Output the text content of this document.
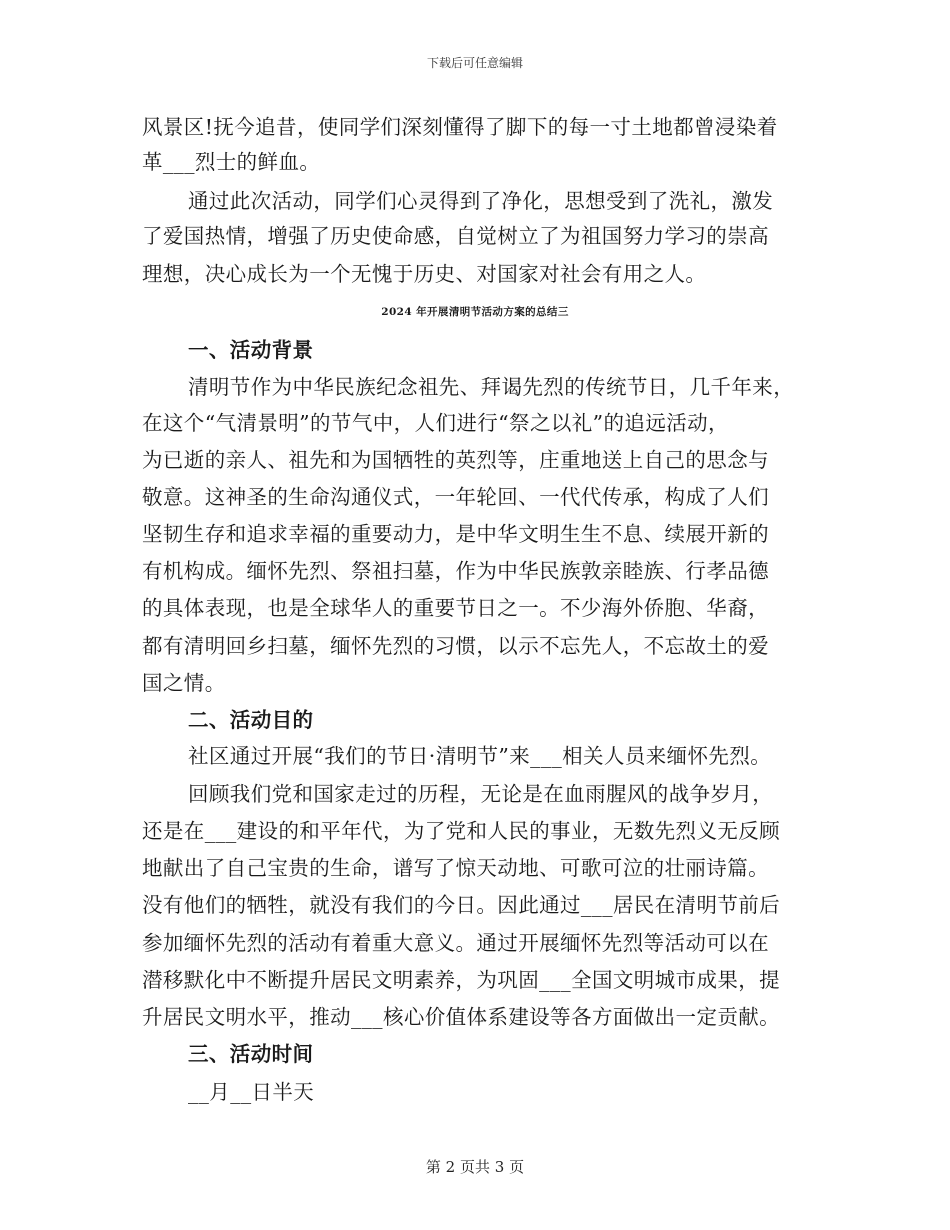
下载后可任意编辑
风景区!抚今追昔，使同学们深刻懂得了脚下的每一寸土地都曾浸染着
革___烈士的鲜血。
通过此次活动，同学们心灵得到了净化，思想受到了洗礼，激发
了爱国热情，增强了历史使命感，自觉树立了为祖国努力学习的崇高
理想，决心成长为一个无愧于历史、对国家对社会有用之人。
2024 年开展清明节活动方案的总结三
一、活动背景
清明节作为中华民族纪念祖先、拜谒先烈的传统节日，几千年来，
在这个“气清景明”的节气中，人们进行“祭之以礼”的追远活动，
为已逝的亲人、祖先和为国牺牲的英烈等，庄重地送上自己的思念与
敬意。这神圣的生命沟通仪式，一年轮回、一代代传承，构成了人们
坚韧生存和追求幸福的重要动力，是中华文明生生不息、续展开新的
有机构成。缅怀先烈、祭祖扫墓，作为中华民族敦亲睦族、行孝品德
的具体表现，也是全球华人的重要节日之一。不少海外侨胞、华裔，
都有清明回乡扫墓，缅怀先烈的习惯，以示不忘先人，不忘故土的爱
国之情。
二、活动目的
社区通过开展“我们的节日·清明节”来___相关人员来缅怀先烈。
回顾我们党和国家走过的历程，无论是在血雨腥风的战争岁月，
还是在___建设的和平年代，为了党和人民的事业，无数先烈义无反顾
地献出了自己宝贵的生命，谱写了惊天动地、可歌可泣的壮丽诗篇。
没有他们的牺牲，就没有我们的今日。因此通过___居民在清明节前后
参加缅怀先烈的活动有着重大意义。通过开展缅怀先烈等活动可以在
潜移默化中不断提升居民文明素养，为巩固___全国文明城市成果，提
升居民文明水平，推动___核心价值体系建设等各方面做出一定贡献。
三、活动时间
__月__日半天
第 2 页共 3 页
